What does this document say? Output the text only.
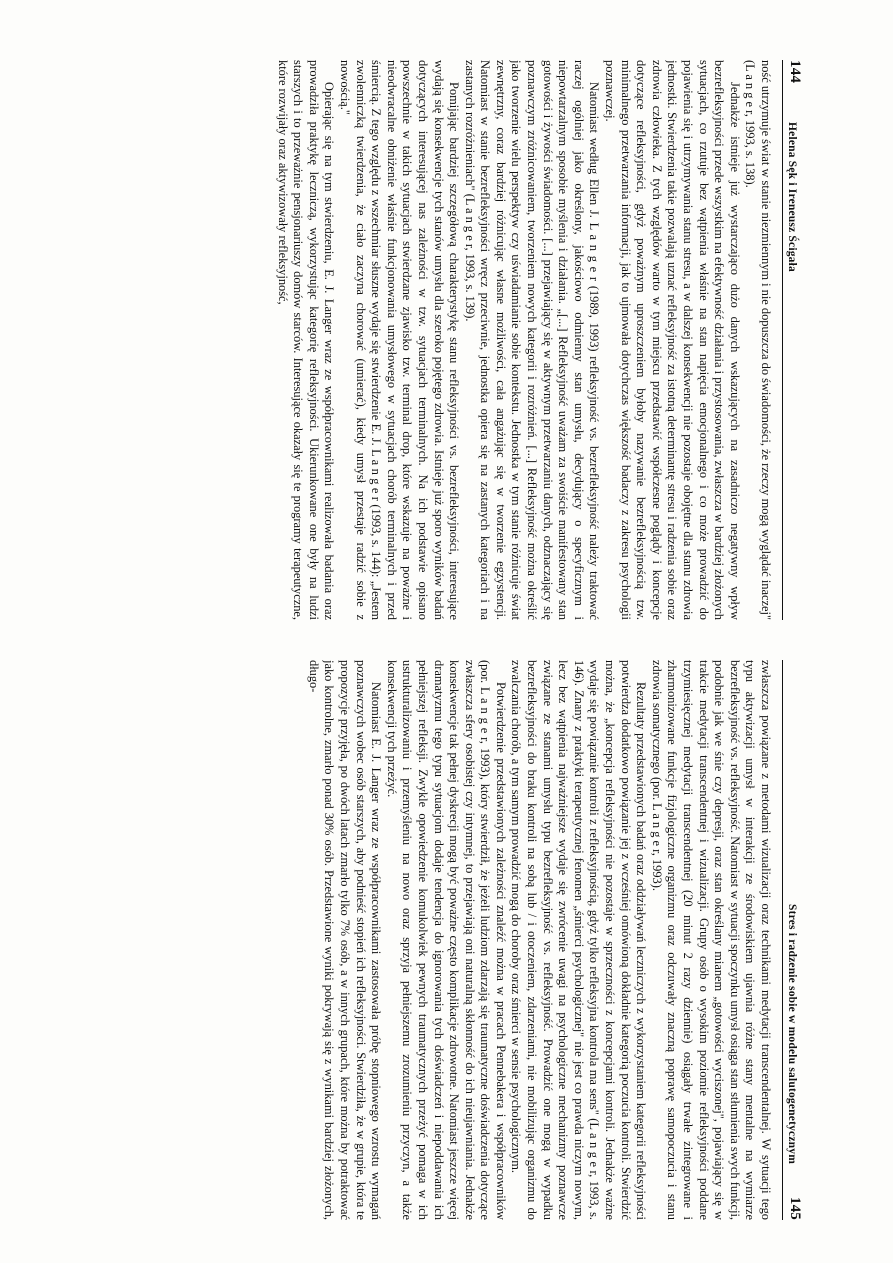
144
Helena Sęk i Ireneusz Ścigała

ność utrzymuje świat w stanie niezmiennym i nie dopuszcza do świadomości, że rzeczy mogą wyglądać inaczej" (L a n g e r, 1993, s. 138).

Jednakże istnieje już wystarczająco dużo danych wskazujących na zasadniczo negatywny wpływ bezrefleksyjności przede wszystkim na efektywność działania i przystosowania, zwłaszcza w bardziej złożonych sytuacjach, co rzutuje bez wątpienia właśnie na stan napięcia emocjonalnego i co może prowadzić do pojawienia się i utrzymywania stanu stresu, a w dalszej konsekwencji nie pozostaje obojętne dla stanu zdrowia jednostki. Stwierdzenia takie pozwalają uznać refleksyjność za istotną determinantę stresu i radzenia sobie oraz zdrowia człowieka. Z tych względów warto w tym miejscu przedstawić współczesne poglądy i koncepcje dotyczące refleksyjności, gdyż poważnym uproszczeniem byłoby nazywanie bezrefleksyjnością tzw. minimalnego przetwarzania informacji, jak to ujmowała dotychczas większość badaczy z zakresu psychologii poznawczej.

Natomiast według Ellen J. L a n g e r (1989, 1993) refleksyjność vs. bezrefleksyjność należy traktować raczej ogólniej jako określony, jakościowo odmienny stan umysłu, decydujący o specyficznym i niepowtarzalnym sposobie myślenia i działania. „[...] Refleksyjność uważam za swoiście manifestowany stan gotowości i żywości świadomości. [...] przejawiający się w aktywnym przetwarzaniu danych, odznaczający się poznawczym zróżnicowaniem, tworzeniem nowych kategorii i rozróżnień. [...] Refleksyjność można określić jako tworzenie wielu perspektyw czy uświadamianie sobie kontekstu. Jednostka w tym stanie różnicuje świat zewnętrzny, coraz bardziej różnicując własne możliwości, cała angażując się w tworzenie egzystencji. Natomiast w stanie bezrefleksyjności wręcz przeciwnie, jednostka opiera się na zastanych kategoriach i na zastanych rozróżnieniach" (L a n g e r, 1993, s. 139).

Pomijając bardziej szczegółową charakterystykę stanu refleksyjności vs. bezrefleksyjności, interesujące wydają się konsekwencje tych stanów umysłu dla szeroko pojętego zdrowia. Istnieje już sporo wyników badań dotyczących interesującej nas zależności w tzw. sytuacjach terminalnych. Na ich podstawie opisano powszechnie w takich sytuacjach stwierdzane zjawisko tzw. terminal drop, które wskazuje na poważne i nieodwracalne obniżenie właśnie funkcjonowania umysłowego w sytuacjach chorób terminalnych i przed śmiercią. Z tego względu z wszechmiar słuszne wydaje się stwierdzenie E. J. L a n g e r (1993, s. 144): „Jestem zwolenniczką twierdzenia, że ciało zaczyna chorować (umierać), kiedy umysł przestaje radzić sobie z nowością."

Opierając się na tym stwierdzeniu, E. J. Langer wraz ze współpracownikami realizowała badania oraz prowadziła praktykę leczniczą, wykorzystując kategorię refleksyjności. Ukierunkowane one były na ludzi starszych i to przeważnie pensjonariuszy domów starców. Interesujące okazały się te programy terapeutyczne, które rozwijały oraz aktywizowały refleksyjność,

Stres i radzenie sobie w modelu salutogenetycznym
145

zwłaszcza powiązane z metodami wizualizacji oraz technikami medytacji transcendentalnej. W sytuacji tego typu aktywizacji umysł w interakcji ze środowiskiem ujawnia różne stany mentalne na wymiarze bezrefleksyjność vs. refleksyjność. Natomiast w sytuacji spoczynku umysł osiąga stan stłumienia swych funkcji, podobnie jak we śnie czy depresji, oraz stan określany mianem „gotowości wyciszonej", pojawiający się w trakcie medytacji transcendentnej i wizualizacji. Grupy osób o wysokim poziomie refleksyjności poddane trzymiesięcznej medytacji transcendentnej (20 minut 2 razy dziennie) osiągały trwałe zintegrowane i zharmonizowane funkcje fizjologiczne organizmu oraz odczuwały znaczną poprawę samopoczucia i stanu zdrowia somatycznego (por. L a n g e r, 1993).

Rezultaty przedstawionych badań oraz oddziaływań leczniczych z wykorzystaniem kategorii refleksyjności potwierdza dodatkowo powiązanie jej z wcześniej omówioną dokładnie kategorią poczucia kontroli. Stwierdzić można, że „koncepcja refleksyjności nie pozostaje w sprzeczności z koncepcjami kontroli. Jednakże ważne wydaje się powiązanie kontroli z refleksyjnością, gdyż tylko refleksyjna kontrola ma sens" (L a n g e r, 1993, s. 146). Znany z praktyki terapeutycznej fenomen „śmierci psychologicznej" nie jest co prawda niczym nowym, lecz bez wątpienia najważniejsze wydaje się zwrócenie uwagi na psychologiczne mechanizmy poznawcze związane ze stanami umysłu typu bezrefleksyjność vs. refleksyjność. Prowadzić one mogą w wypadku bezrefleksyjności do braku kontroli na sobą lub / i otoczeniem, zdarzeniami, nie mobilizując organizmu do zwalczania chorób, a tym samym prowadzić mogą do choroby oraz śmierci w sensie psychologicznym.

Potwierdzenie przedstawionych zależności znaleźć można w pracach Pennebakera i współpracowników (por. L a n g e r, 1993), który stwierdził, że jeżeli ludziom zdarzają się traumatyczne doświadczenia dotyczące zwłaszcza sfery osobistej czy intymnej, to przejawiają oni naturalną skłonność do ich nieujawniania. Jednakże konsekwencje tak pełnej dyskrecji mogą być poważne często komplikacje zdrowotne. Natomiast jeszcze więcej dramatyzmu tego typu sytuacjom dodaje tendencja do ignorowania tych doświadczeń i niepoddawania ich pełniejszej refleksji. Zwykle opowiedzenie komukolwiek pewnych traumatycznych przeżyć pomaga w ich ustrukturalizowaniu i przemyśleniu na nowo oraz sprzyja pełniejszemu zrozumieniu przyczyn, a także konsekwencji tych przeżyć.

Natomiast E. J. Langer wraz ze współpracownikami zastosowała próbę stopniowego wzrostu wymagań poznawczych wobec osób starszych, aby podnieść stopień ich refleksyjności. Stwierdziła, że w grupie, która te propozycje przyjęła, po dwóch latach zmarło tylko 7% osób, a w innych grupach, które można by potraktować jako kontrolne, zmarło ponad 30% osób. Przedstawione wyniki pokrywają się z wynikami bardziej złożonych, długo-
